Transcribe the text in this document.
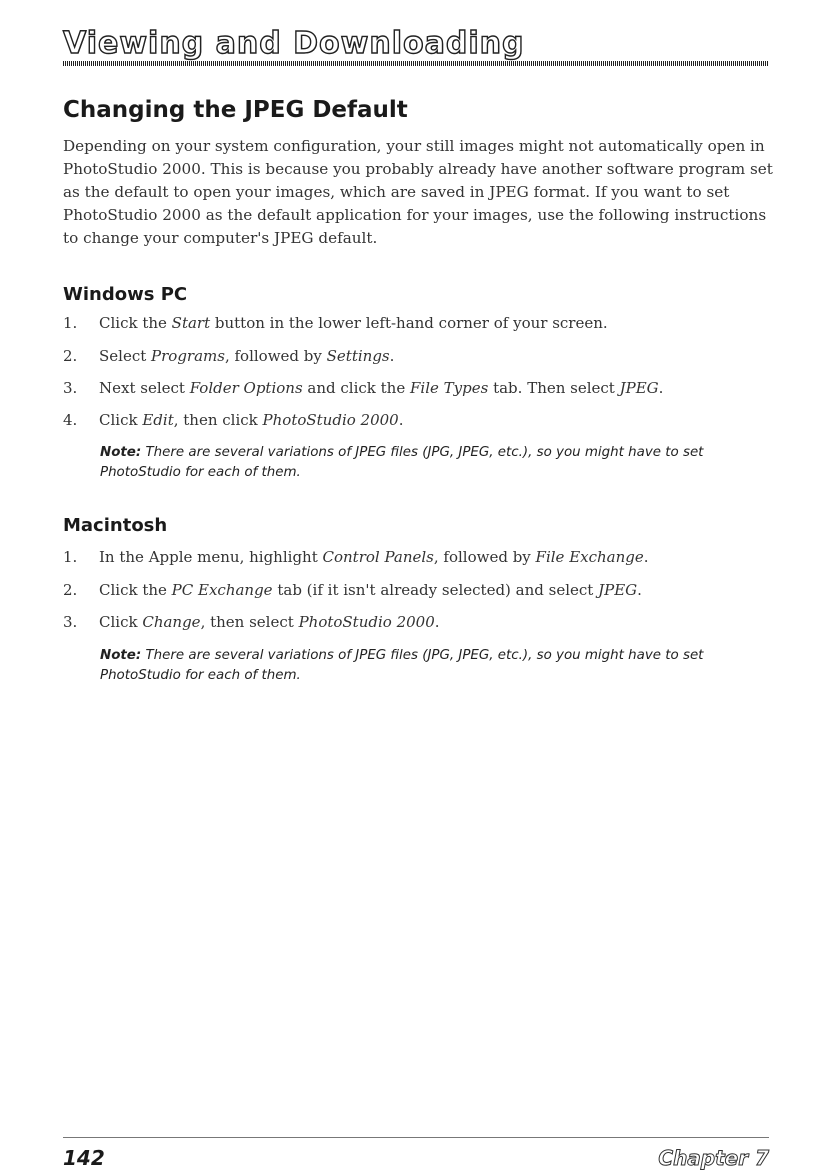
Viewing and Downloading
Changing the JPEG Default

Depending on your system configuration, your still images might not automatically open in PhotoStudio 2000. This is because you probably already have another software program set as the default to open your images, which are saved in JPEG format. If you want to set PhotoStudio 2000 as the default application for your images, use the following instructions to change your computer's JPEG default.

Windows PC
1. Click the Start button in the lower left-hand corner of your screen.
2. Select Programs, followed by Settings.
3. Next select Folder Options and click the File Types tab. Then select JPEG.
4. Click Edit, then click PhotoStudio 2000.

Note: There are several variations of JPEG files (JPG, JPEG, etc.), so you might have to set PhotoStudio for each of them.

Macintosh
1. In the Apple menu, highlight Control Panels, followed by File Exchange.
2. Click the PC Exchange tab (if it isn't already selected) and select JPEG.
3. Click Change, then select PhotoStudio 2000.

Note: There are several variations of JPEG files (JPG, JPEG, etc.), so you might have to set PhotoStudio for each of them.

142	Chapter 7
